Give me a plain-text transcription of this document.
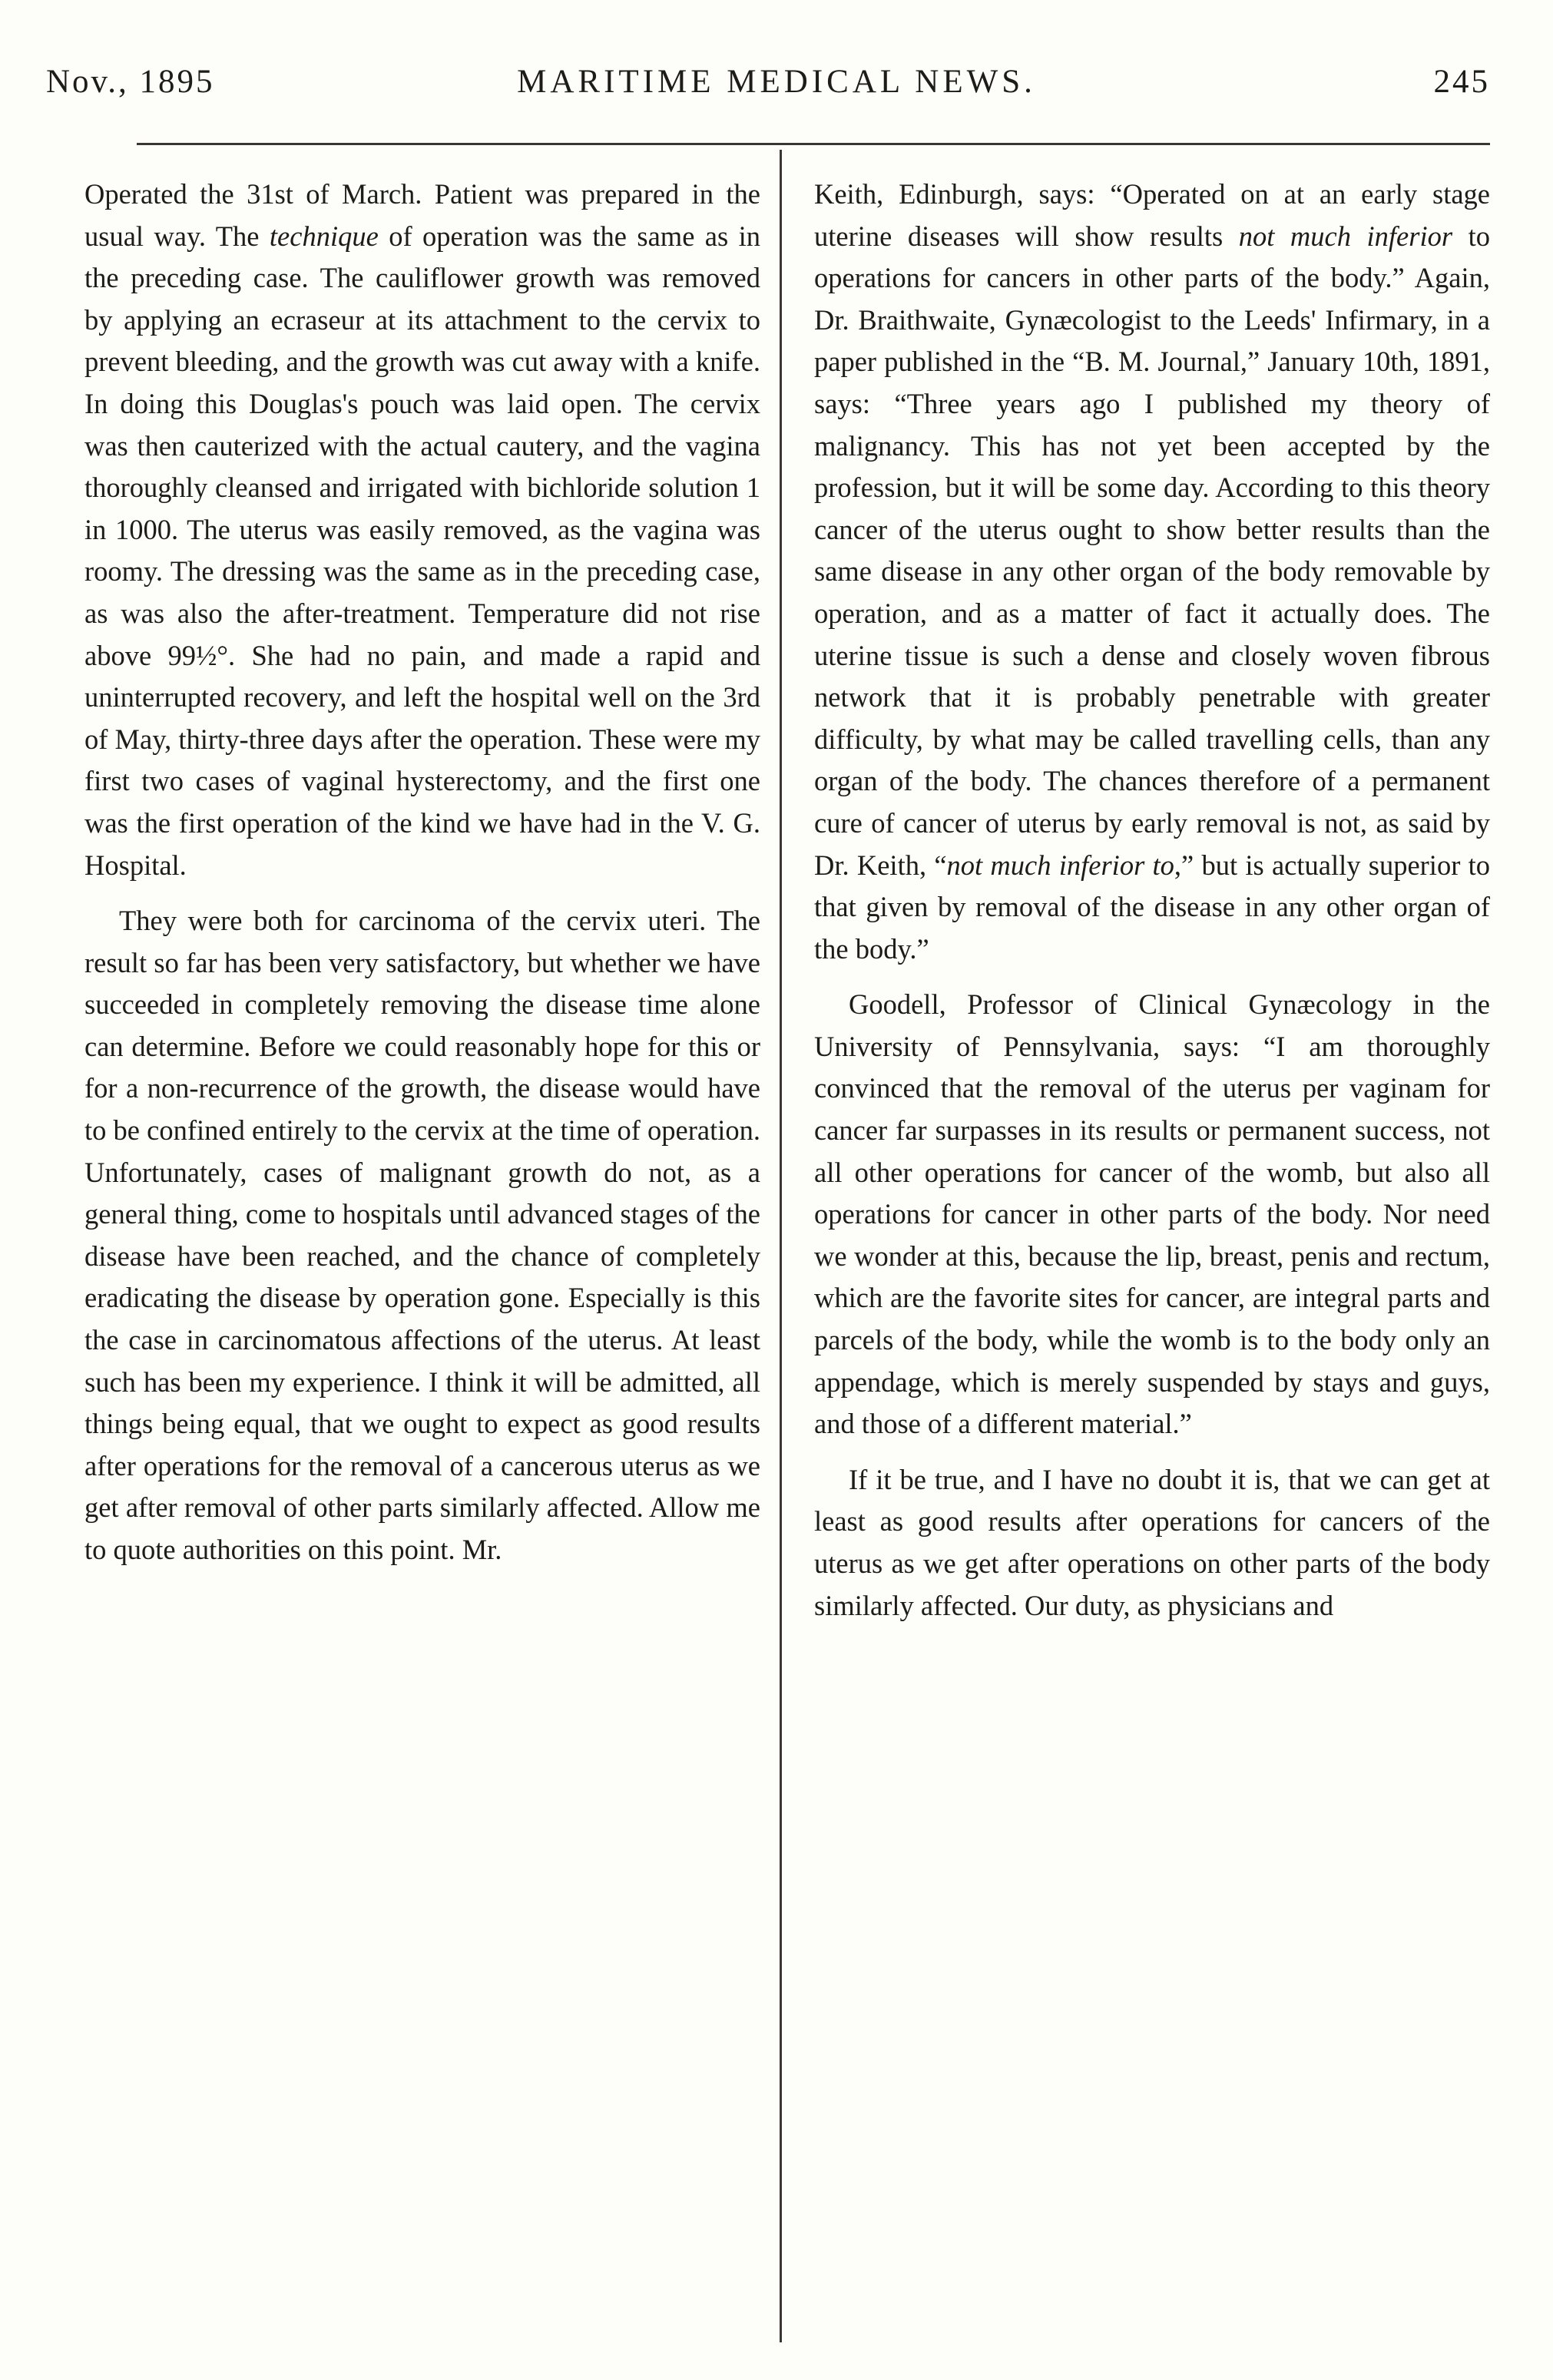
MARITIME MEDICAL NEWS.
Nov., 1895	245

Operated the 31st of March. Patient was prepared in the usual way. The technique of operation was the same as in the preceding case. The cauliflower growth was removed by applying an ecraseur at its attachment to the cervix to prevent bleeding, and the growth was cut away with a knife. In doing this Douglas's pouch was laid open. The cervix was then cauterized with the actual cautery, and the vagina thoroughly cleansed and irrigated with bichloride solution 1 in 1000. The uterus was easily removed, as the vagina was roomy. The dressing was the same as in the preceding case, as was also the after-treatment. Temperature did not rise above 99½°. She had no pain, and made a rapid and uninterrupted recovery, and left the hospital well on the 3rd of May, thirty-three days after the operation. These were my first two cases of vaginal hysterectomy, and the first one was the first operation of the kind we have had in the V. G. Hospital.

They were both for carcinoma of the cervix uteri. The result so far has been very satisfactory, but whether we have succeeded in completely removing the disease time alone can determine. Before we could reasonably hope for this or for a non-recurrence of the growth, the disease would have to be confined entirely to the cervix at the time of operation. Unfortunately, cases of malignant growth do not, as a general thing, come to hospitals until advanced stages of the disease have been reached, and the chance of completely eradicating the disease by operation gone. Especially is this the case in carcinomatous affections of the uterus. At least such has been my experience. I think it will be admitted, all things being equal, that we ought to expect as good results after operations for the removal of a cancerous uterus as we get after removal of other parts similarly affected. Allow me to quote authorities on this point. Mr.

Keith, Edinburgh, says: “Operated on at an early stage uterine diseases will show results not much inferior to operations for cancers in other parts of the body.” Again, Dr. Braithwaite, Gynæcologist to the Leeds' Infirmary, in a paper published in the “B. M. Journal,” January 10th, 1891, says: “Three years ago I published my theory of malignancy. This has not yet been accepted by the profession, but it will be some day. According to this theory cancer of the uterus ought to show better results than the same disease in any other organ of the body removable by operation, and as a matter of fact it actually does. The uterine tissue is such a dense and closely woven fibrous network that it is probably penetrable with greater difficulty, by what may be called travelling cells, than any organ of the body. The chances therefore of a permanent cure of cancer of uterus by early removal is not, as said by Dr. Keith, “not much inferior to,” but is actually superior to that given by removal of the disease in any other organ of the body.”

Goodell, Professor of Clinical Gynæcology in the University of Pennsylvania, says: “I am thoroughly convinced that the removal of the uterus per vaginam for cancer far surpasses in its results or permanent success, not all other operations for cancer of the womb, but also all operations for cancer in other parts of the body. Nor need we wonder at this, because the lip, breast, penis and rectum, which are the favorite sites for cancer, are integral parts and parcels of the body, while the womb is to the body only an appendage, which is merely suspended by stays and guys, and those of a different material.”

If it be true, and I have no doubt it is, that we can get at least as good results after operations for cancers of the uterus as we get after operations on other parts of the body similarly affected. Our duty, as physicians and
